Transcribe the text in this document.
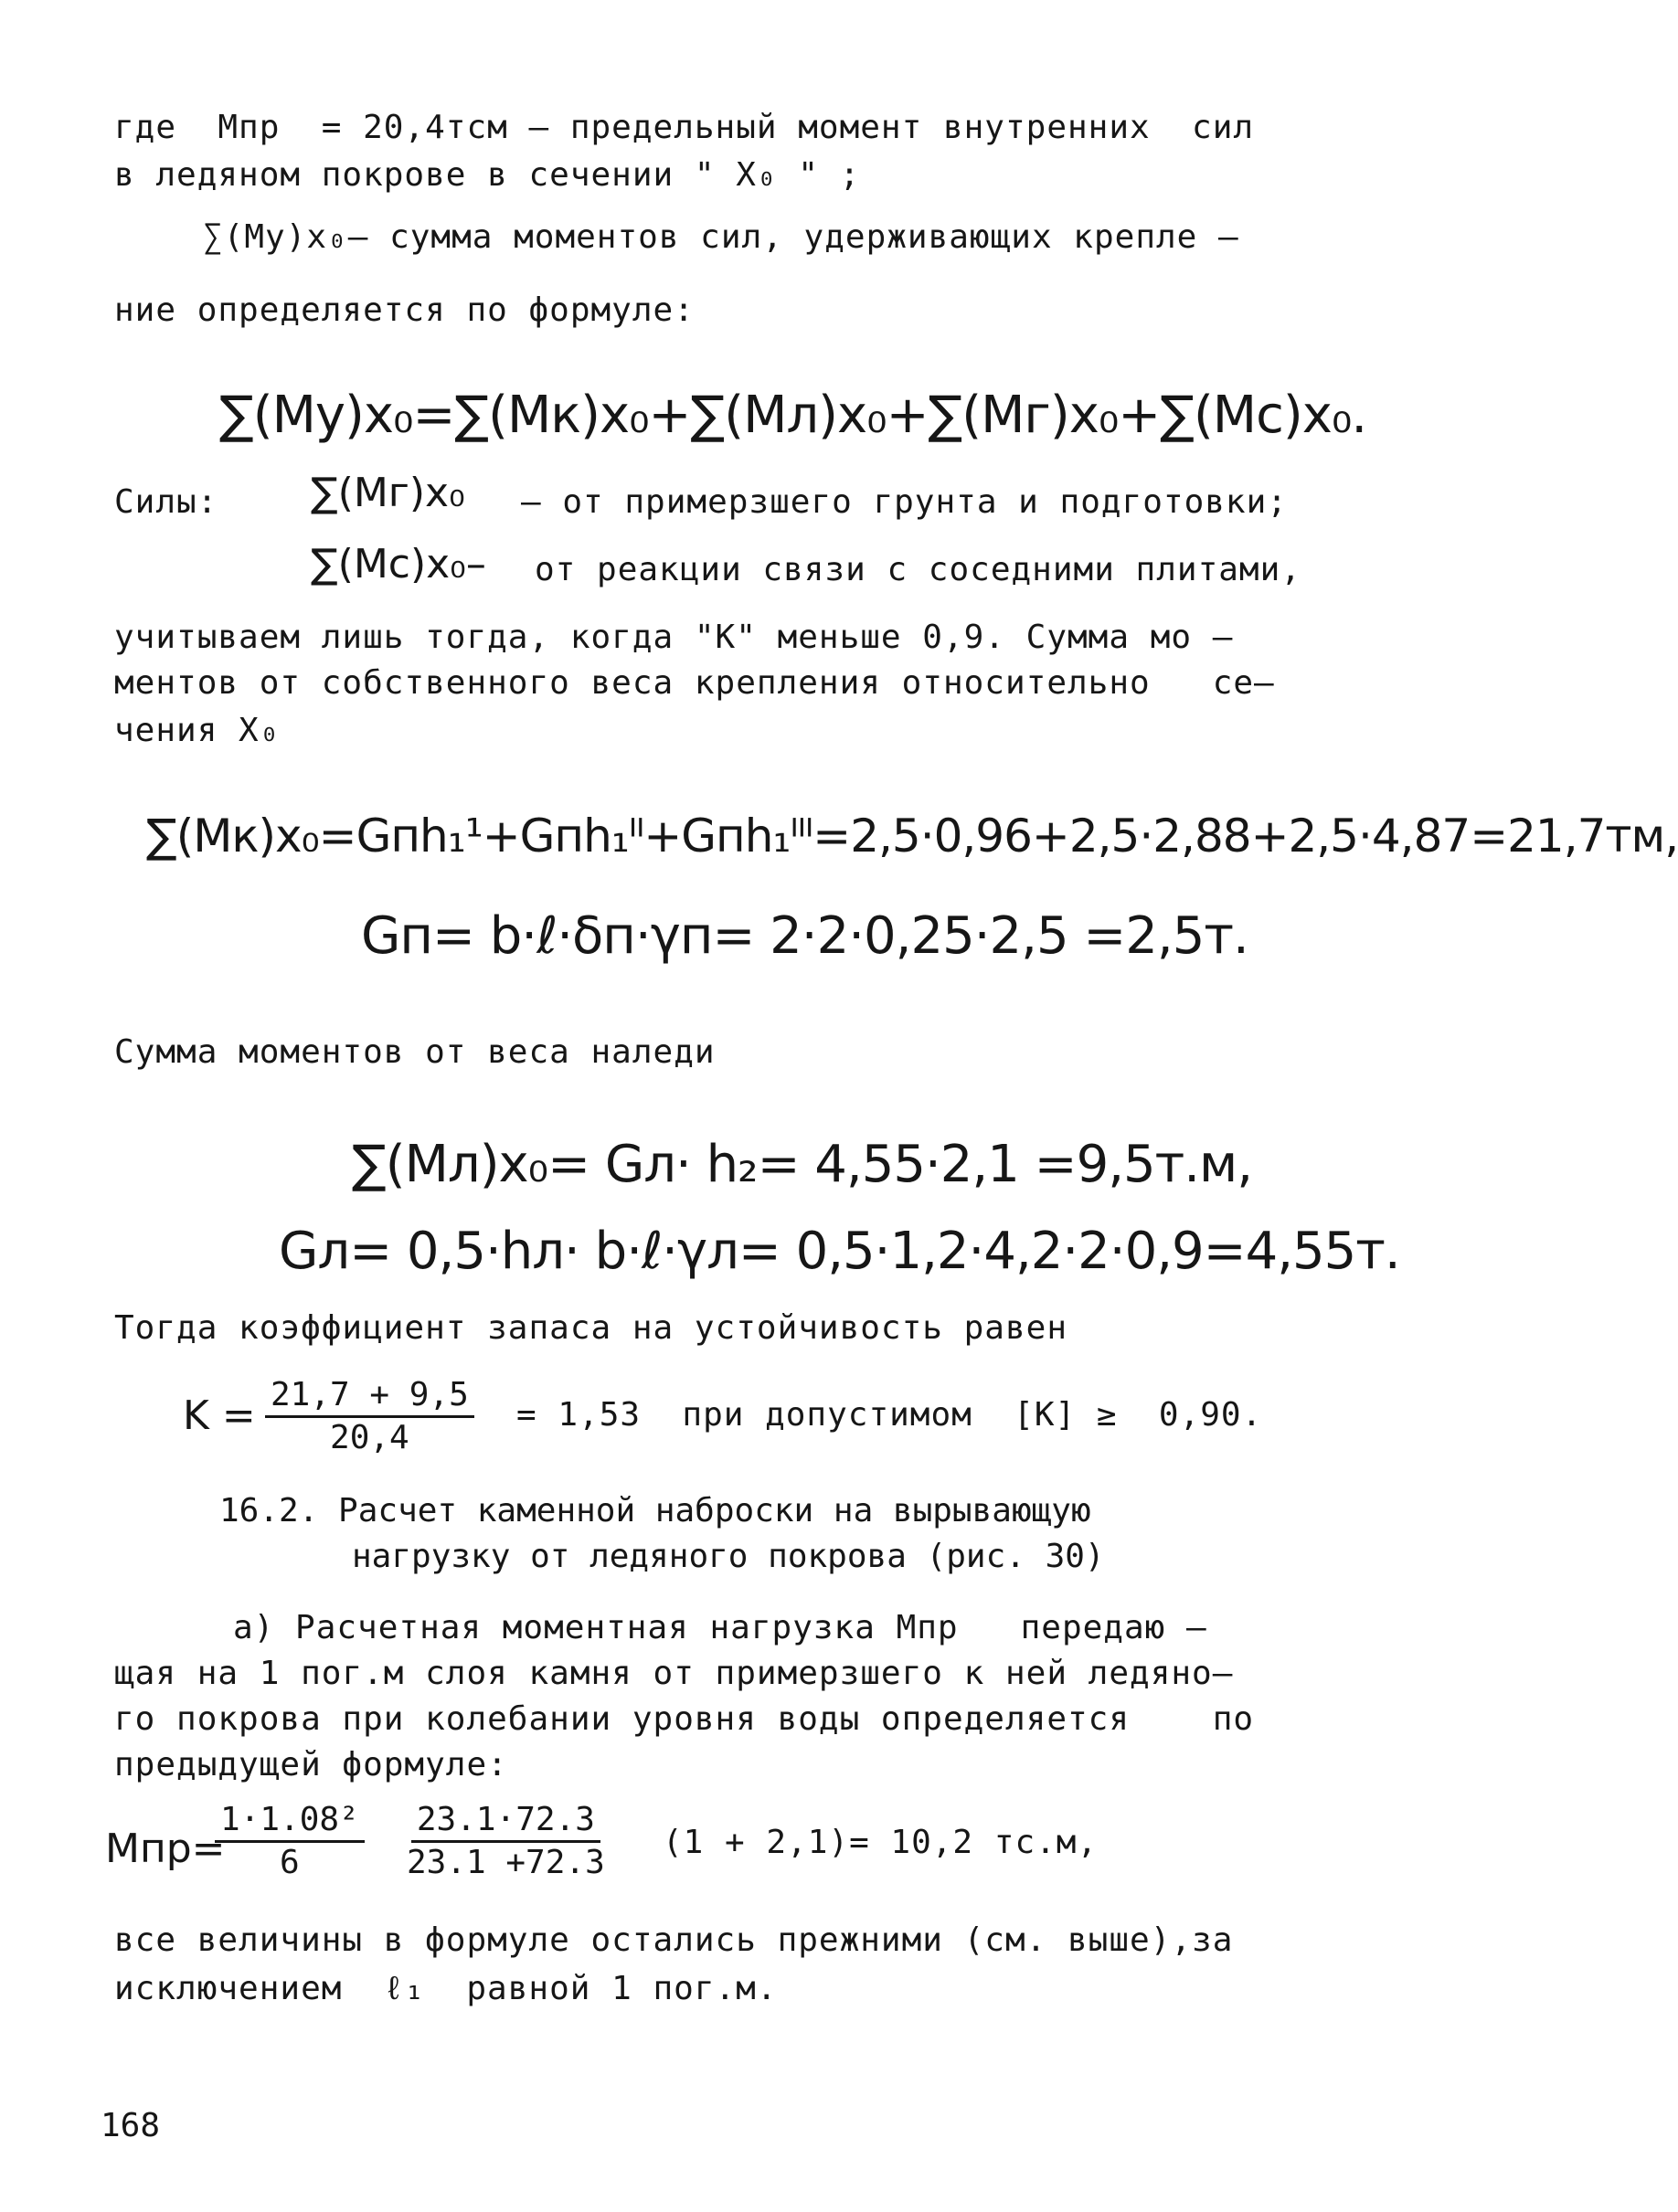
где  Mпр  = 20,4тсм – предельный момент внутренних  сил
в ледяном покрове в сечении " X₀ " ;
∑(My)x₀– сумма моментов сил, удерживающих крепле –
ние определяется по формуле:
∑(My)x₀=∑(Mк)x₀+∑(Mл)x₀+∑(Mг)x₀+∑(Mc)x₀.
Силы: ∑(Mг)x₀ – от примерзшего грунта и подготовки;
∑(Mc)x₀– от реакции связи с соседними плитами,
учитываем лишь тогда, когда "K" меньше 0,9. Сумма мо –
ментов от собственного веса крепления относительно   се–
чения X₀
∑(Mк)x₀=Gпh₁¹+Gпh₁ᴵᴵ+Gпh₁ᴵᴵᴵ=2,5·0,96+2,5·2,88+2,5·4,87=21,7тм,
Gп= b·ℓ·δп·γп= 2·2·0,25·2,5 =2,5т.
Сумма моментов от веса наледи
∑(Mл)x₀= Gл· h₂= 4,55·2,1 =9,5т.м,
Gл= 0,5·hл· b·ℓ·γл= 0,5·1,2·4,2·2·0,9=4,55т.
Тогда коэффициент запаса на устойчивость равен
$K = \frac{21,7 + 9,5}{20,4} = 1,53$  при допустимом  [K] ≥  0,90.
16.2. Расчет каменной наброски на вырывающую
нагрузку от ледяного покрова (рис. 30)
а) Расчетная моментная нагрузка Mпр   передаю –
щая на 1 пог.м слоя камня от примерзшего к ней ледяно–
го покрова при колебании уровня воды определяется    по
предыдущей формуле:
Mпр=
$\frac{\text{1·1.08²}}{6} \frac{23.1\cdot 72.3}{23.1 +72.3} (1 + 2,1)= 10,2$ тс.м,
все величины в формуле остались прежними (см. выше),за
исключением  ℓ₁  равной 1 пог.м.
168
